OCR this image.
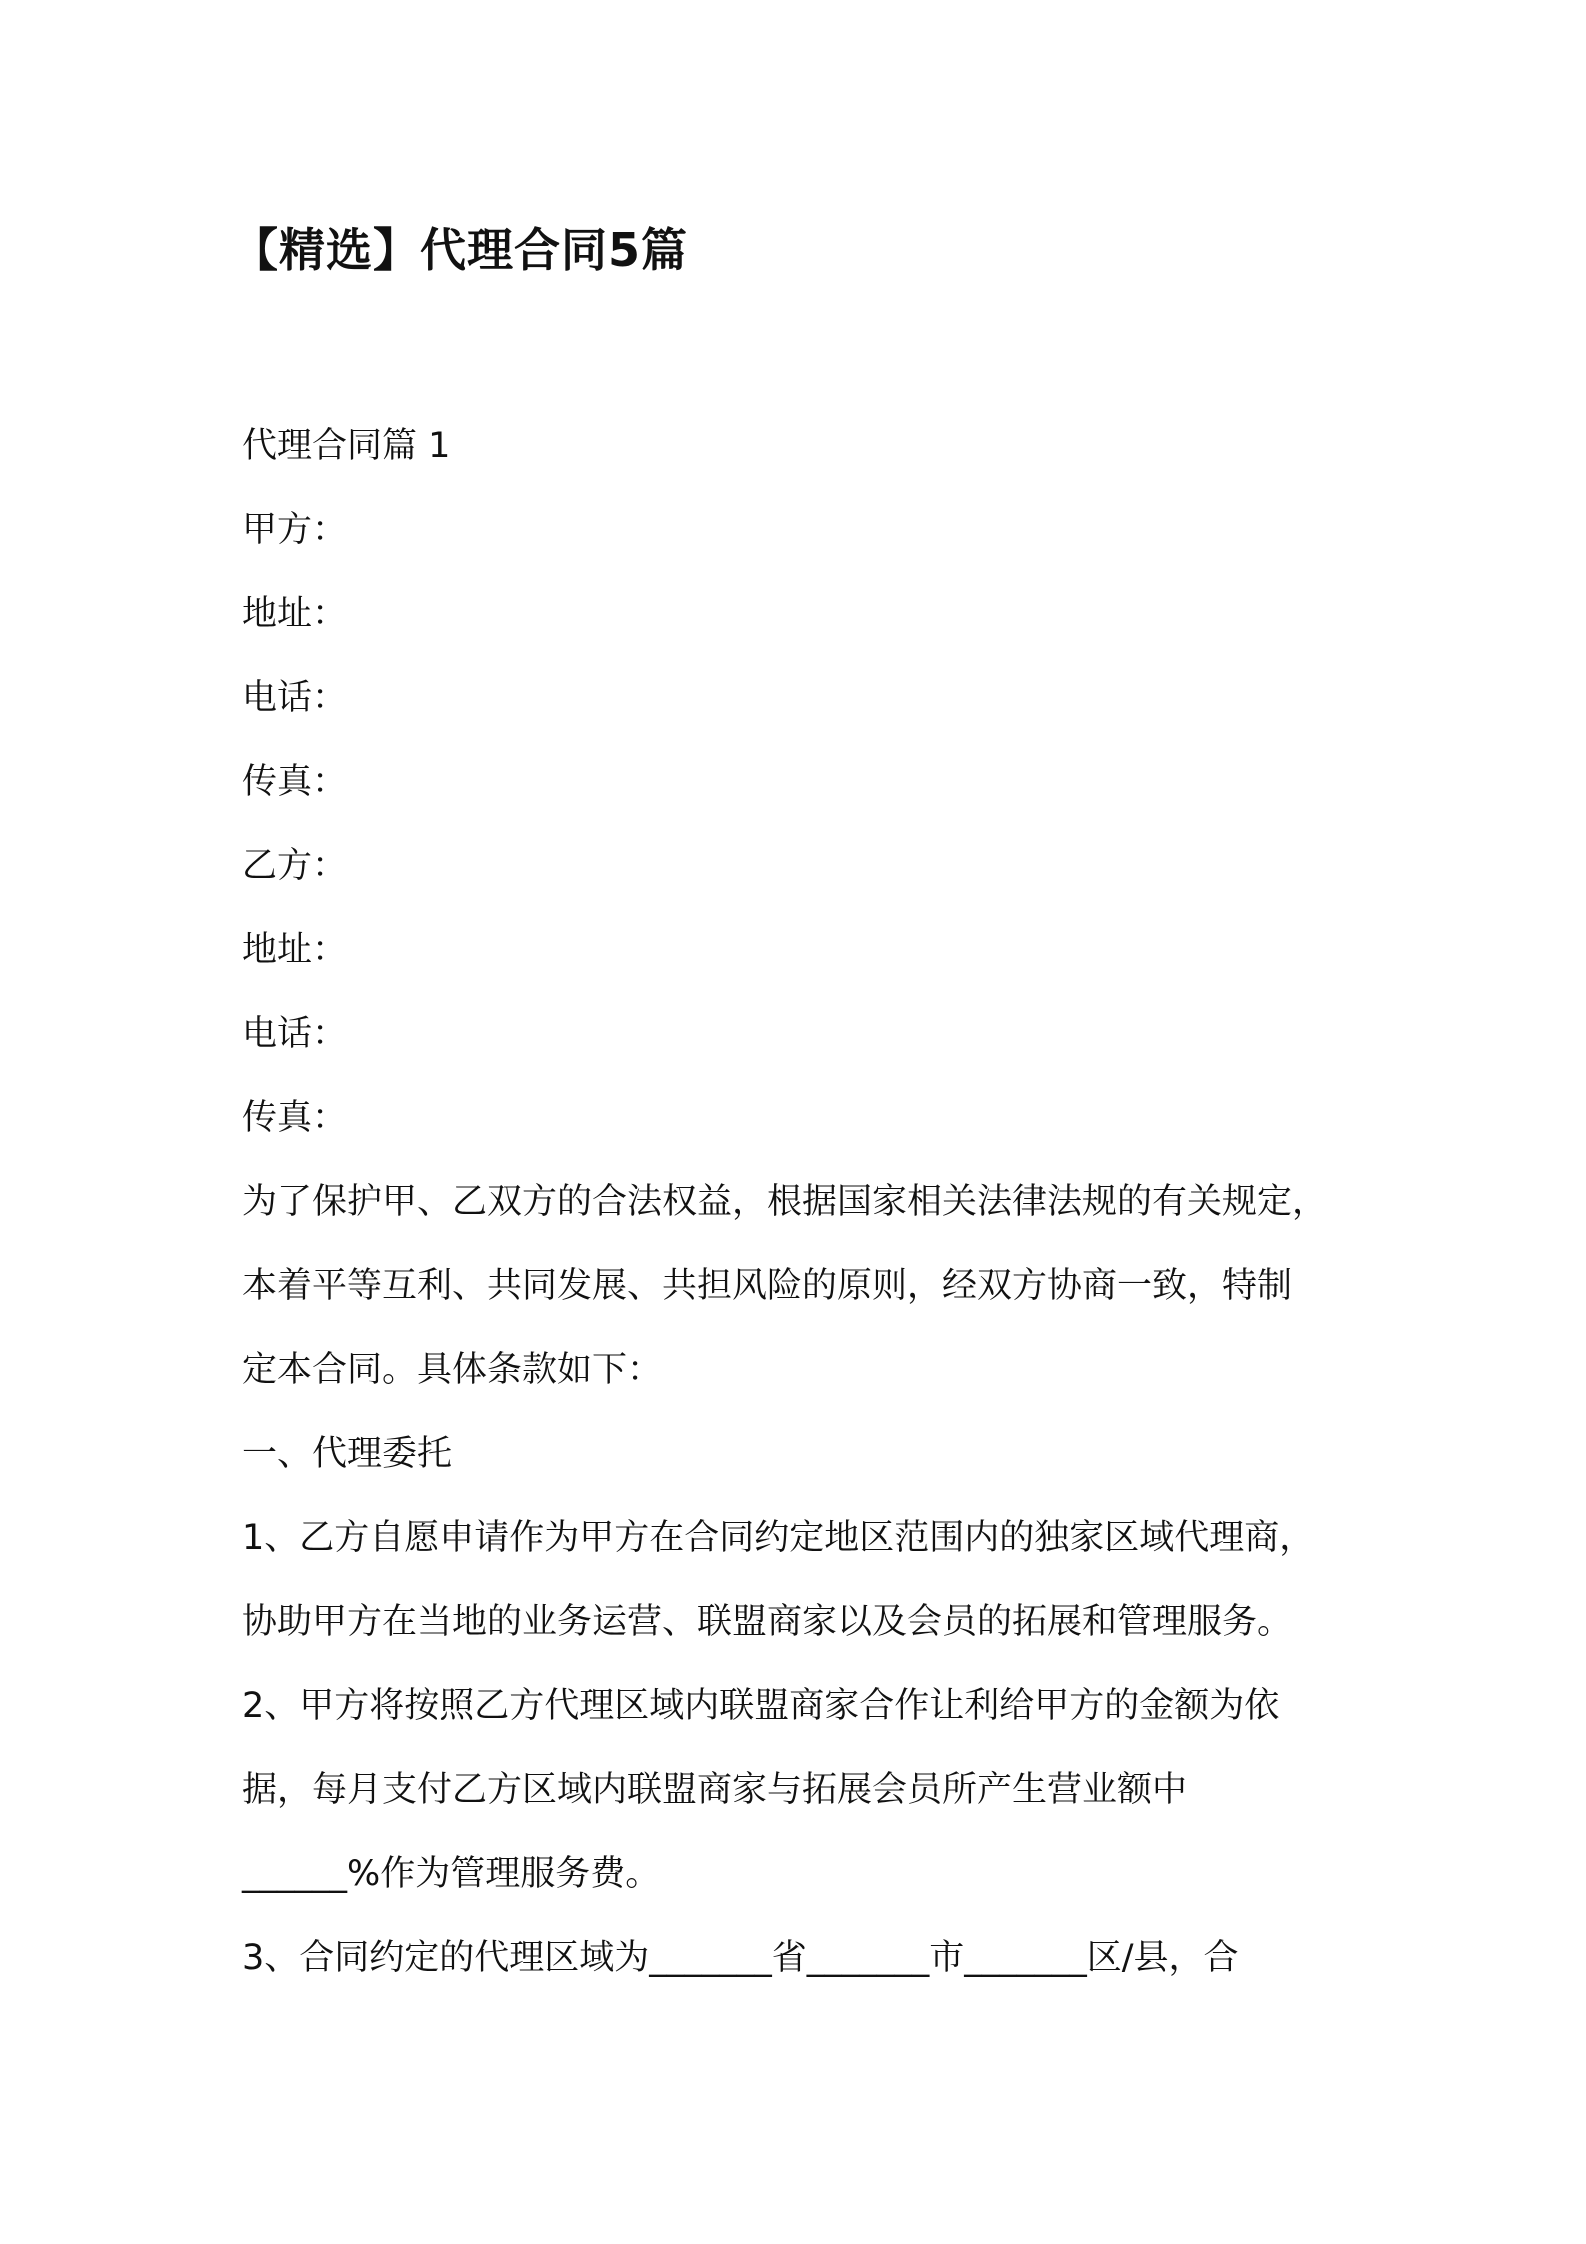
【精选】代理合同5篇
代理合同篇 1
甲方：
地址：
电话：
传真：
乙方：
地址：
电话：
传真：
为了保护甲、乙双方的合法权益，根据国家相关法律法规的有关规定，
本着平等互利、共同发展、共担风险的原则，经双方协商一致，特制
定本合同。具体条款如下：
一、代理委托
1、乙方自愿申请作为甲方在合同约定地区范围内的独家区域代理商，
协助甲方在当地的业务运营、联盟商家以及会员的拓展和管理服务。
2、甲方将按照乙方代理区域内联盟商家合作让利给甲方的金额为依
据，每月支付乙方区域内联盟商家与拓展会员所产生营业额中
______%作为管理服务费。
3、合同约定的代理区域为_______省_______市_______区/县，合
